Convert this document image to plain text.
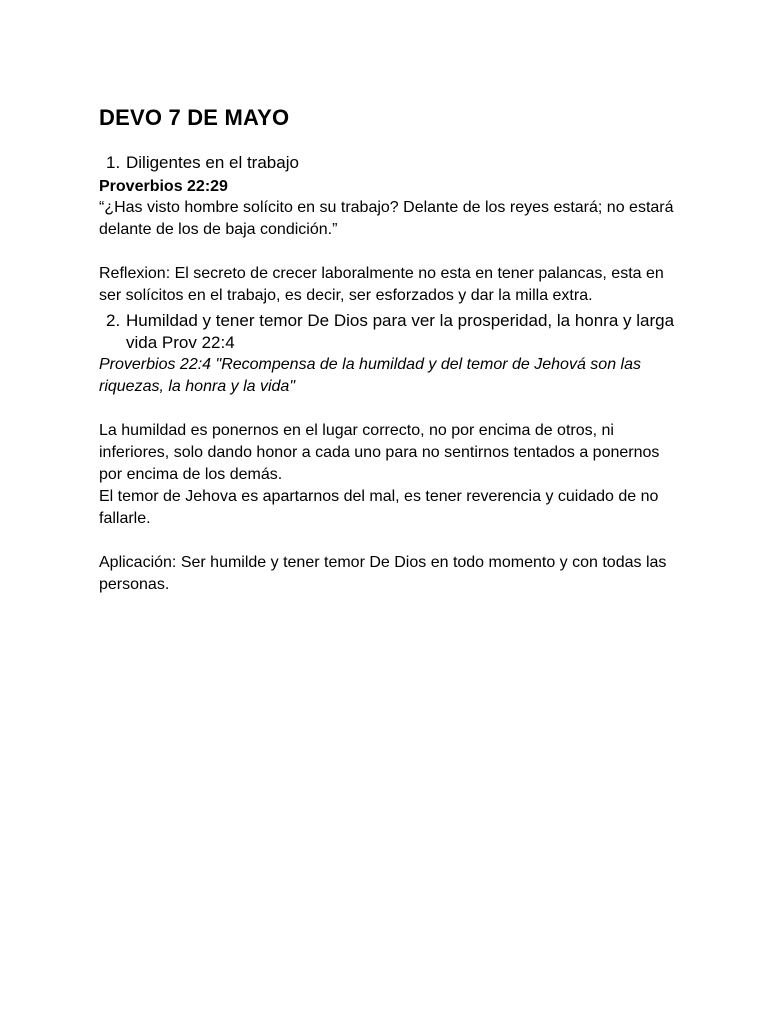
DEVO 7 DE MAYO
1. Diligentes en el trabajo

Proverbios 22:29

“¿Has visto hombre solícito en su trabajo? Delante de los reyes estará; no estará delante de los de baja condición.”

Reflexion: El secreto de crecer laboralmente no esta en tener palancas, esta en ser solícitos en el trabajo, es decir, ser esforzados y dar la milla extra.

2. Humildad y tener temor De Dios para ver la prosperidad, la honra y larga vida Prov 22:4

Proverbios 22:4 "Recompensa de la humildad y del temor de Jehová son las riquezas, la honra y la vida"

La humildad es ponernos en el lugar correcto, no por encima de otros, ni inferiores, solo dando honor a cada uno para no sentirnos tentados a ponernos por encima de los demás.

El temor de Jehova es apartarnos del mal, es tener reverencia y cuidado de no fallarle.

Aplicación: Ser humilde y tener temor De Dios en todo momento y con todas las personas.
